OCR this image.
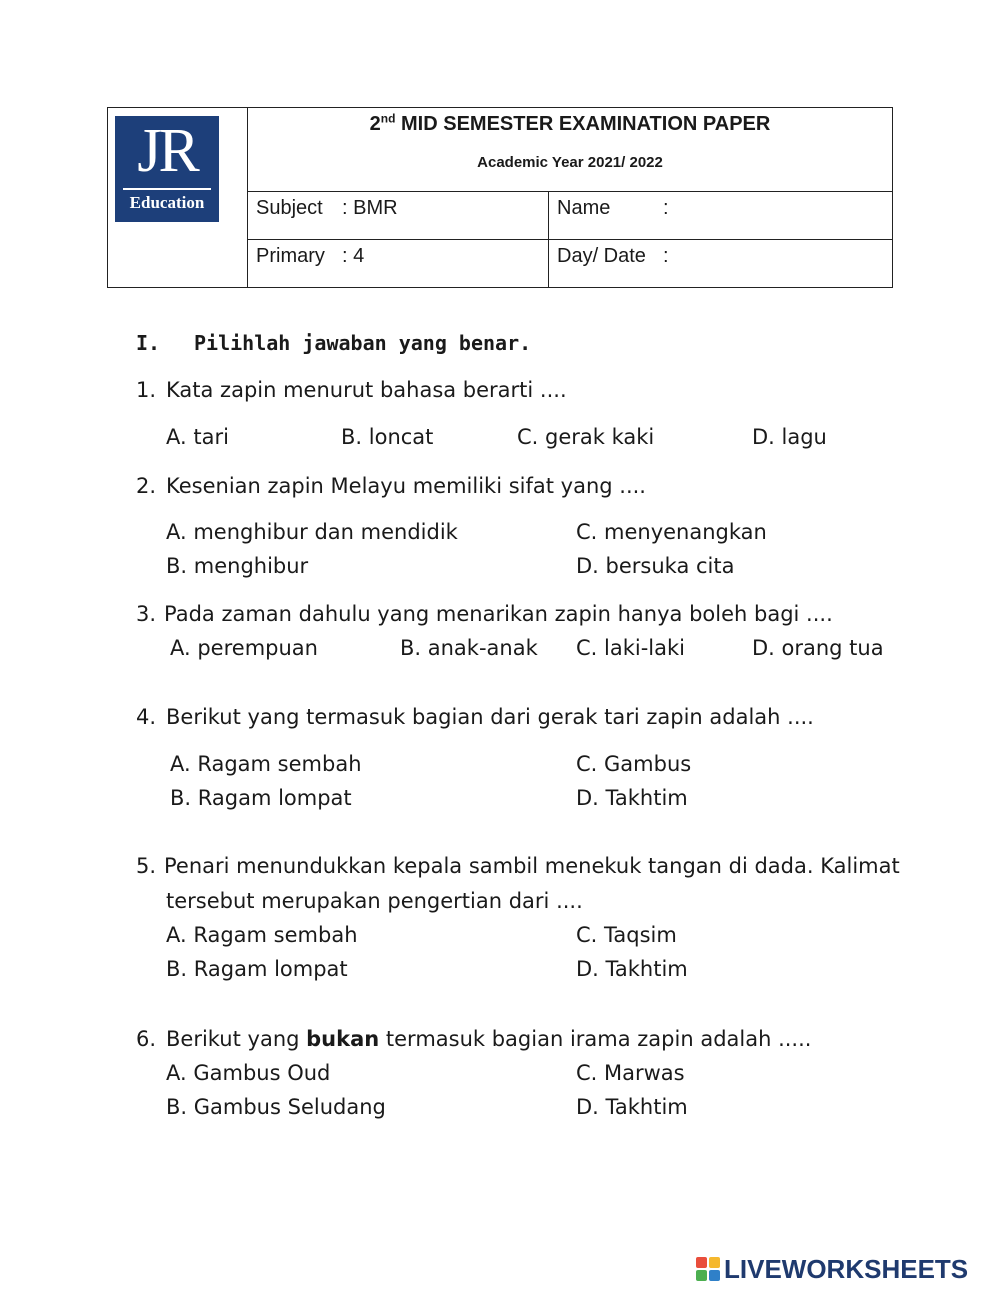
JR
Education
2nd MID SEMESTER EXAMINATION PAPER
Academic Year 2021/ 2022
Subject : BMR	Name	:
Primary : 4	Day/ Date :
I. Pilihlah jawaban yang benar.
1. Kata zapin menurut bahasa berarti ....
A. tari	B. loncat	C. gerak kaki	D. lagu
2. Kesenian zapin Melayu memiliki sifat yang ....
A. menghibur dan mendidik	C. menyenangkan
B. menghibur	D. bersuka cita
3. Pada zaman dahulu yang menarikan zapin hanya boleh bagi ....
A. perempuan	B. anak-anak C. laki-laki	D. orang tua
4. Berikut yang termasuk bagian dari gerak tari zapin adalah ....
A. Ragam sembah	C. Gambus
B. Ragam lompat	D. Takhtim
5. Penari menundukkan kepala sambil menekuk tangan di dada. Kalimat
tersebut merupakan pengertian dari ....
A. Ragam sembah	C. Taqsim
B. Ragam lompat	D. Takhtim
6. Berikut yang bukan termasuk bagian irama zapin adalah .....
A. Gambus Oud	C. Marwas
B. Gambus Seludang	D. Takhtim
LIVEWORKSHEETS
